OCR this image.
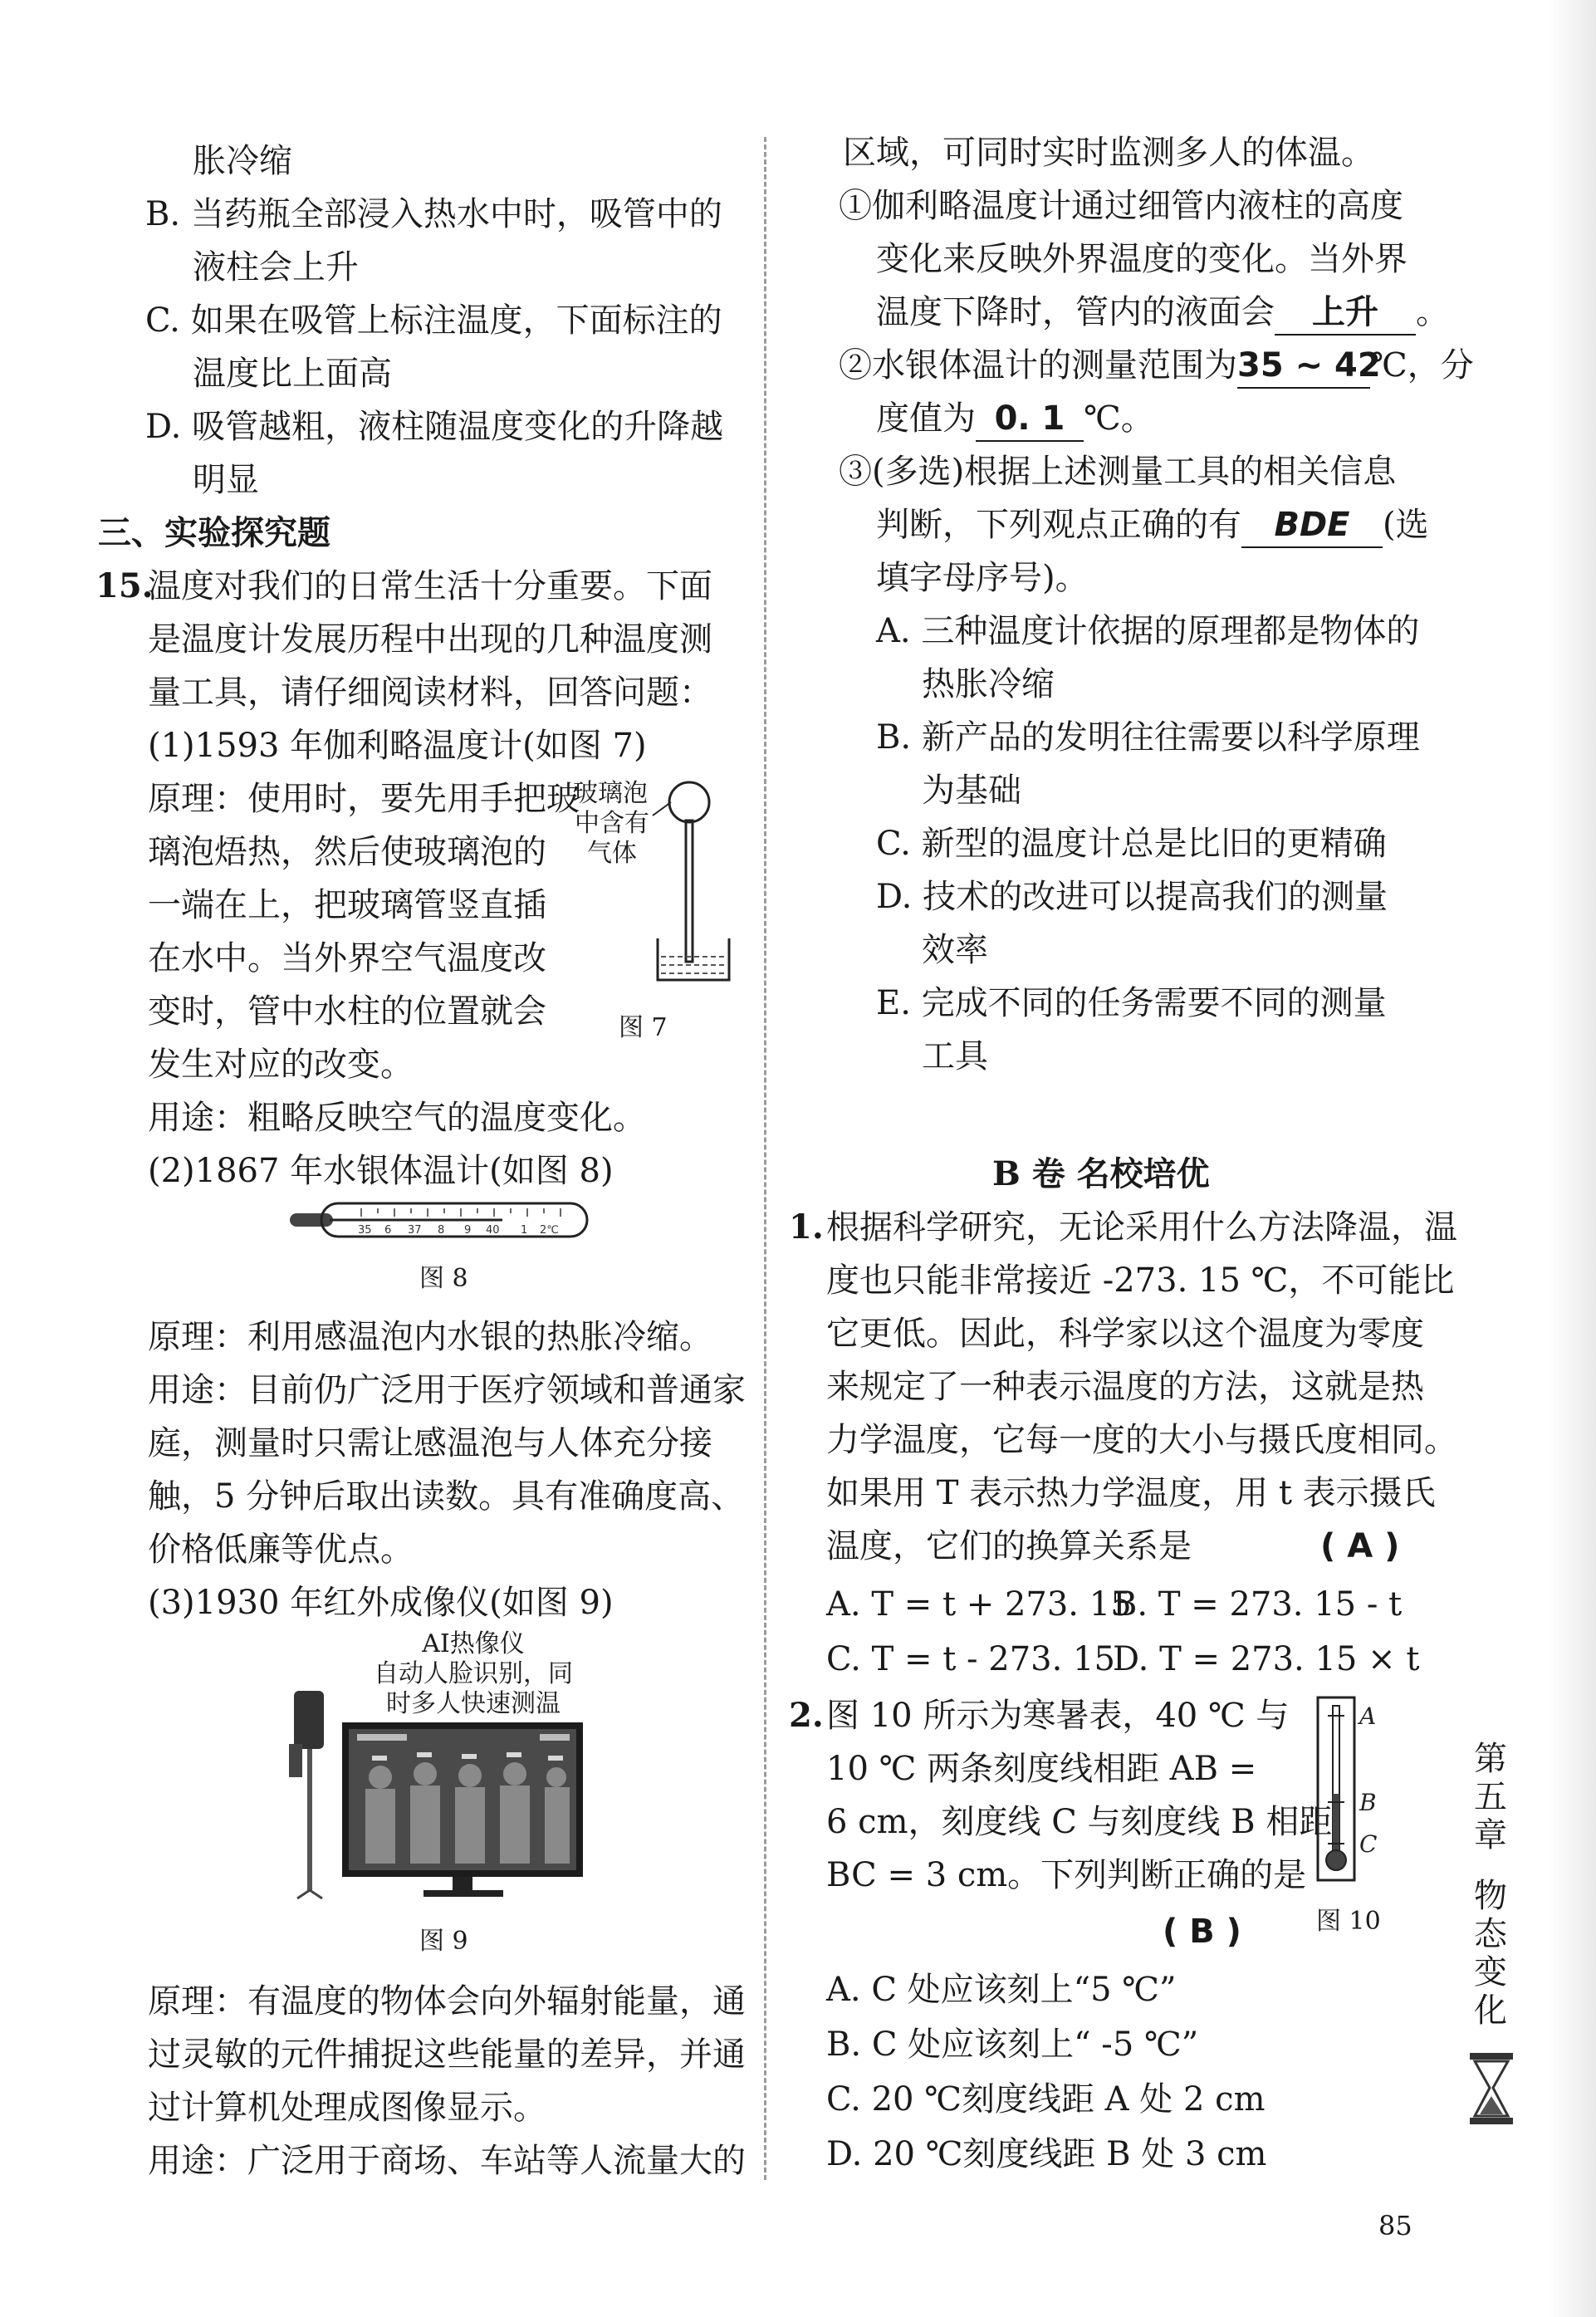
胀冷缩
B. 当药瓶全部浸入热水中时，吸管中的
液柱会上升
C. 如果在吸管上标注温度，下面标注的
温度比上面高
D. 吸管越粗，液柱随温度变化的升降越
明显
三、实验探究题
15.
温度对我们的日常生活十分重要。下面
是温度计发展历程中出现的几种温度测
量工具，请仔细阅读材料，回答问题：
(1)1593 年伽利略温度计(如图 7)
原理：使用时，要先用手把玻
璃泡焐热，然后使玻璃泡的
一端在上，把玻璃管竖直插
在水中。当外界空气温度改
变时，管中水柱的位置就会
发生对应的改变。
用途：粗略反映空气的温度变化。
玻璃泡
中含有
气体
图 7
(2)1867 年水银体温计(如图 8)
35 6 37 8 9 40 1 2℃
图 8
原理：利用感温泡内水银的热胀冷缩。
用途：目前仍广泛用于医疗领域和普通家
庭，测量时只需让感温泡与人体充分接
触，5 分钟后取出读数。具有准确度高、
价格低廉等优点。
(3)1930 年红外成像仪(如图 9)
AI热像仪
自动人脸识别，同
时多人快速测温
图 9
原理：有温度的物体会向外辐射能量，通
过灵敏的元件捕捉这些能量的差异，并通
过计算机处理成图像显示。
用途：广泛用于商场、车站等人流量大的
区域，可同时实时监测多人的体温。
①伽利略温度计通过细管内液柱的高度
变化来反映外界温度的变化。当外界
温度下降时，管内的液面会 上升 。
②水银体温计的测量范围为35 ~ 42℃，分
度值为 0. 1 ℃。
③(多选)根据上述测量工具的相关信息
判断，下列观点正确的有 BDE (选
填字母序号)。
A. 三种温度计依据的原理都是物体的
热胀冷缩
B. 新产品的发明往往需要以科学原理
为基础
C. 新型的温度计总是比旧的更精确
D. 技术的改进可以提高我们的测量
效率
E. 完成不同的任务需要不同的测量
工具
B 卷 名校培优
1. 根据科学研究，无论采用什么方法降温，温
度也只能非常接近 -273. 15 ℃，不可能比
它更低。因此，科学家以这个温度为零度
来规定了一种表示温度的方法，这就是热
力学温度，它每一度的大小与摄氏度相同。
如果用 T 表示热力学温度，用 t 表示摄氏
温度，它们的换算关系是	( A )
A. T = t + 273. 15
B. T = 273. 15 - t
C. T = t - 273. 15
D. T = 273. 15 × t
2. 图 10 所示为寒暑表，40 ℃ 与
10 ℃ 两条刻度线相距 AB =
6 cm，刻度线 C 与刻度线 B 相距
BC = 3 cm。下列判断正确的是
( B )
A
B
C
图 10
A. C 处应该刻上“5 ℃”
B. C 处应该刻上“ -5 ℃”
C. 20 ℃刻度线距 A 处 2 cm
D. 20 ℃刻度线距 B 处 3 cm
第
五
章
物
态
变
化
85
